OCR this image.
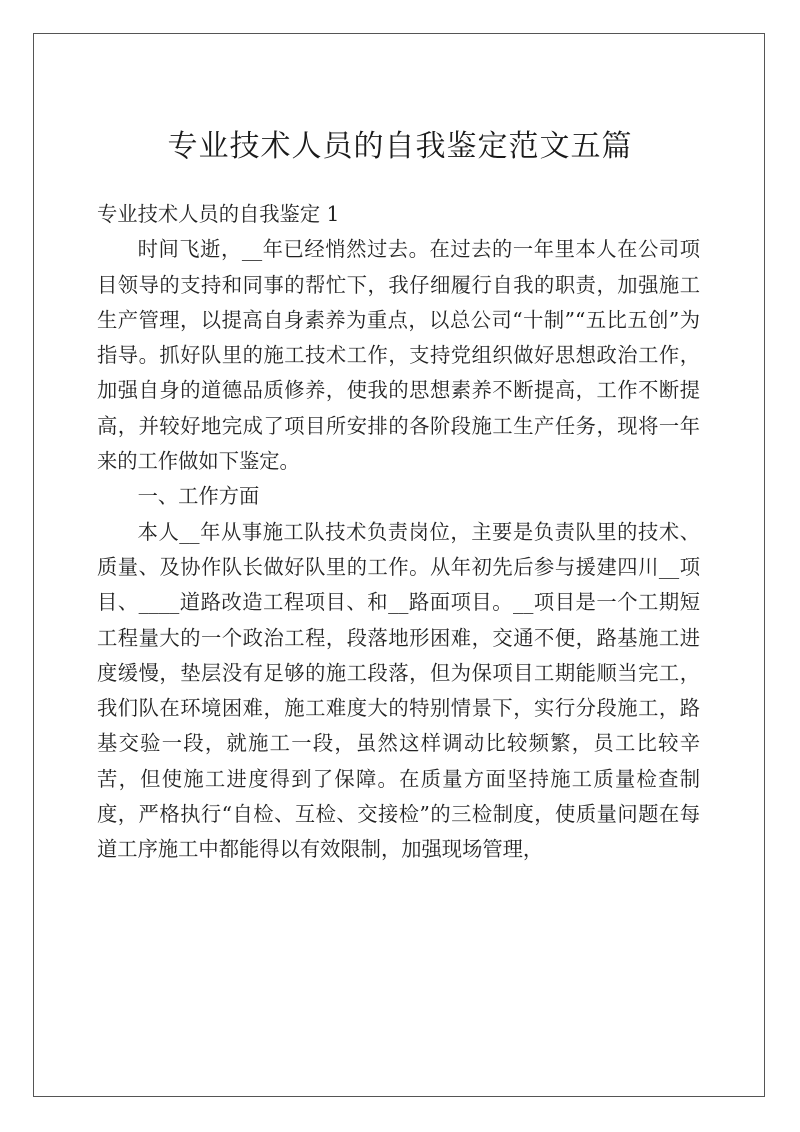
专业技术人员的自我鉴定范文五篇

专业技术人员的自我鉴定 1

时间飞逝，__年已经悄然过去。在过去的一年里本人在公司项目领导的支持和同事的帮忙下，我仔细履行自我的职责，加强施工生产管理，以提高自身素养为重点，以总公司“十制”“五比五创”为指导。抓好队里的施工技术工作，支持党组织做好思想政治工作，加强自身的道德品质修养，使我的思想素养不断提高，工作不断提高，并较好地完成了项目所安排的各阶段施工生产任务，现将一年来的工作做如下鉴定。

一、工作方面

本人__年从事施工队技术负责岗位，主要是负责队里的技术、质量、及协作队长做好队里的工作。从年初先后参与援建四川__项目、____道路改造工程项目、和__路面项目。__项目是一个工期短工程量大的一个政治工程，段落地形困难，交通不便，路基施工进度缓慢，垫层没有足够的施工段落，但为保项目工期能顺当完工，我们队在环境困难，施工难度大的特别情景下，实行分段施工，路基交验一段，就施工一段，虽然这样调动比较频繁，员工比较辛苦，但使施工进度得到了保障。在质量方面坚持施工质量检查制度，严格执行“自检、互检、交接检”的三检制度，使质量问题在每道工序施工中都能得以有效限制，加强现场管理，
